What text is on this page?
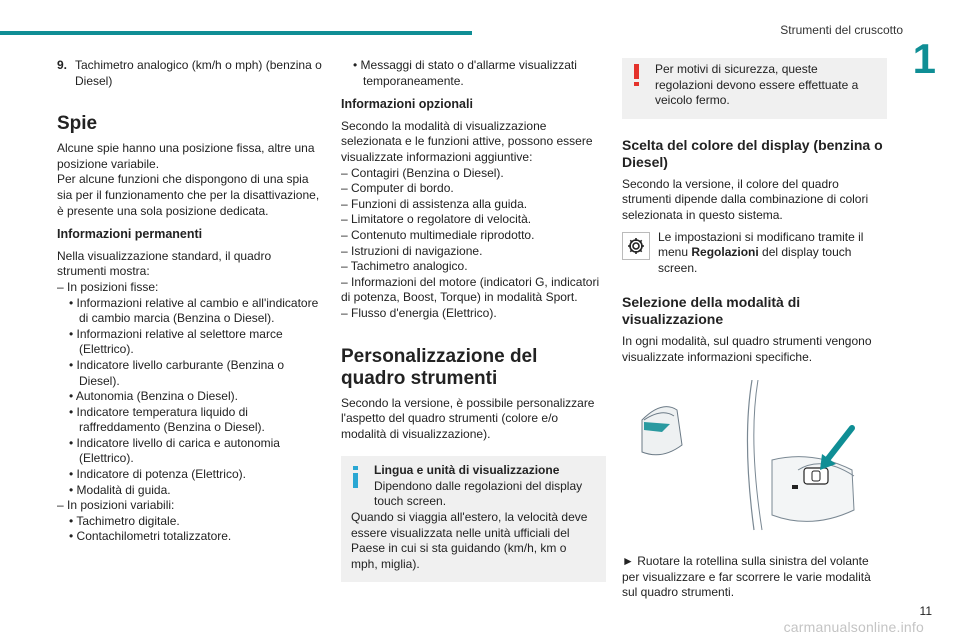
Strumenti del cruscotto
1
9. Tachimetro analogico (km/h o mph) (benzina o Diesel)
Spie
Alcune spie hanno una posizione fissa, altre una posizione variabile.

Per alcune funzioni che dispongono di una spia sia per il funzionamento che per la disattivazione, è presente una sola posizione dedicata.

Informazioni permanenti
Nella visualizzazione standard, il quadro strumenti mostra:
– In posizioni fisse:
• Informazioni relative al cambio e all'indicatore di cambio marcia (Benzina o Diesel).
• Informazioni relative al selettore marce (Elettrico).
• Indicatore livello carburante (Benzina o Diesel).
• Autonomia (Benzina o Diesel).
• Indicatore temperatura liquido di raffreddamento (Benzina o Diesel).
• Indicatore livello di carica e autonomia (Elettrico).
• Indicatore di potenza (Elettrico).
• Modalità di guida.
– In posizioni variabili:
• Tachimetro digitale.
• Contachilometri totalizzatore.
• Messaggi di stato o d'allarme visualizzati temporaneamente.
Informazioni opzionali
Secondo la modalità di visualizzazione selezionata e le funzioni attive, possono essere visualizzate informazioni aggiuntive:
– Contagiri (Benzina o Diesel).
– Computer di bordo.
– Funzioni di assistenza alla guida.
– Limitatore o regolatore di velocità.
– Contenuto multimediale riprodotto.
– Istruzioni di navigazione.
– Tachimetro analogico.
– Informazioni del motore (indicatori G, indicatori di potenza, Boost, Torque) in modalità Sport.
– Flusso d'energia (Elettrico).
Personalizzazione del quadro strumenti

Secondo la versione, è possibile personalizzare l'aspetto del quadro strumenti (colore e/o modalità di visualizzazione).

Lingua e unità di visualizzazione
Dipendono dalle regolazioni del display touch screen.
Quando si viaggia all'estero, la velocità deve essere visualizzata nelle unità ufficiali del Paese in cui si sta guidando (km/h, km o mph, miglia).
Per motivi di sicurezza, queste regolazioni devono essere effettuate a veicolo fermo.
Scelta del colore del display (benzina o Diesel)
Secondo la versione, il colore del quadro strumenti dipende dalla combinazione di colori selezionata in questo sistema.
Le impostazioni si modificano tramite il menu Regolazioni del display touch screen.
Selezione della modalità di visualizzazione
In ogni modalità, sul quadro strumenti vengono visualizzate informazioni specifiche.

► Ruotare la rotellina sulla sinistra del volante per visualizzare e far scorrere le varie modalità sul quadro strumenti.

11
carmanualsonline.info
